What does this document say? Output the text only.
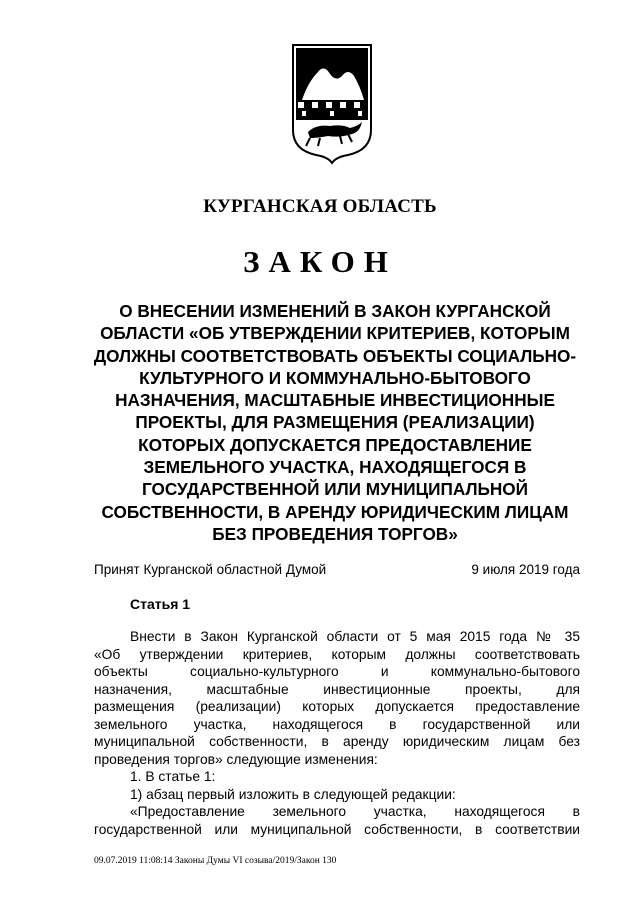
КУРГАНСКАЯ ОБЛАСТЬ
ЗАКОН
О ВНЕСЕНИИ ИЗМЕНЕНИЙ В ЗАКОН КУРГАНСКОЙ
ОБЛАСТИ «ОБ УТВЕРЖДЕНИИ КРИТЕРИЕВ, КОТОРЫМ
ДОЛЖНЫ СООТВЕТСТВОВАТЬ ОБЪЕКТЫ СОЦИАЛЬНО-
КУЛЬТУРНОГО И КОММУНАЛЬНО-БЫТОВОГО
НАЗНАЧЕНИЯ, МАСШТАБНЫЕ ИНВЕСТИЦИОННЫЕ
ПРОЕКТЫ, ДЛЯ РАЗМЕЩЕНИЯ (РЕАЛИЗАЦИИ)
КОТОРЫХ ДОПУСКАЕТСЯ ПРЕДОСТАВЛЕНИЕ
ЗЕМЕЛЬНОГО УЧАСТКА, НАХОДЯЩЕГОСЯ В
ГОСУДАРСТВЕННОЙ ИЛИ МУНИЦИПАЛЬНОЙ
СОБСТВЕННОСТИ, В АРЕНДУ ЮРИДИЧЕСКИМ ЛИЦАМ
БЕЗ ПРОВЕДЕНИЯ ТОРГОВ»
Принят Курганской областной Думой	9 июля 2019 года
Статья 1
Внести в Закон Курганской области от 5 мая 2015 года № 35
«Об утверждении критериев, которым должны соответствовать
объекты социально-культурного и коммунально-бытового
назначения, масштабные инвестиционные проекты, для
размещения (реализации) которых допускается предоставление
земельного участка, находящегося в государственной или
муниципальной собственности, в аренду юридическим лицам без
проведения торгов» следующие изменения:
1. В статье 1:
1) абзац первый изложить в следующей редакции:
«Предоставление земельного участка, находящегося в
государственной или муниципальной собственности, в соответствии
09.07.2019 11:08:14 Законы Думы VI созыва/2019/Закон 130
